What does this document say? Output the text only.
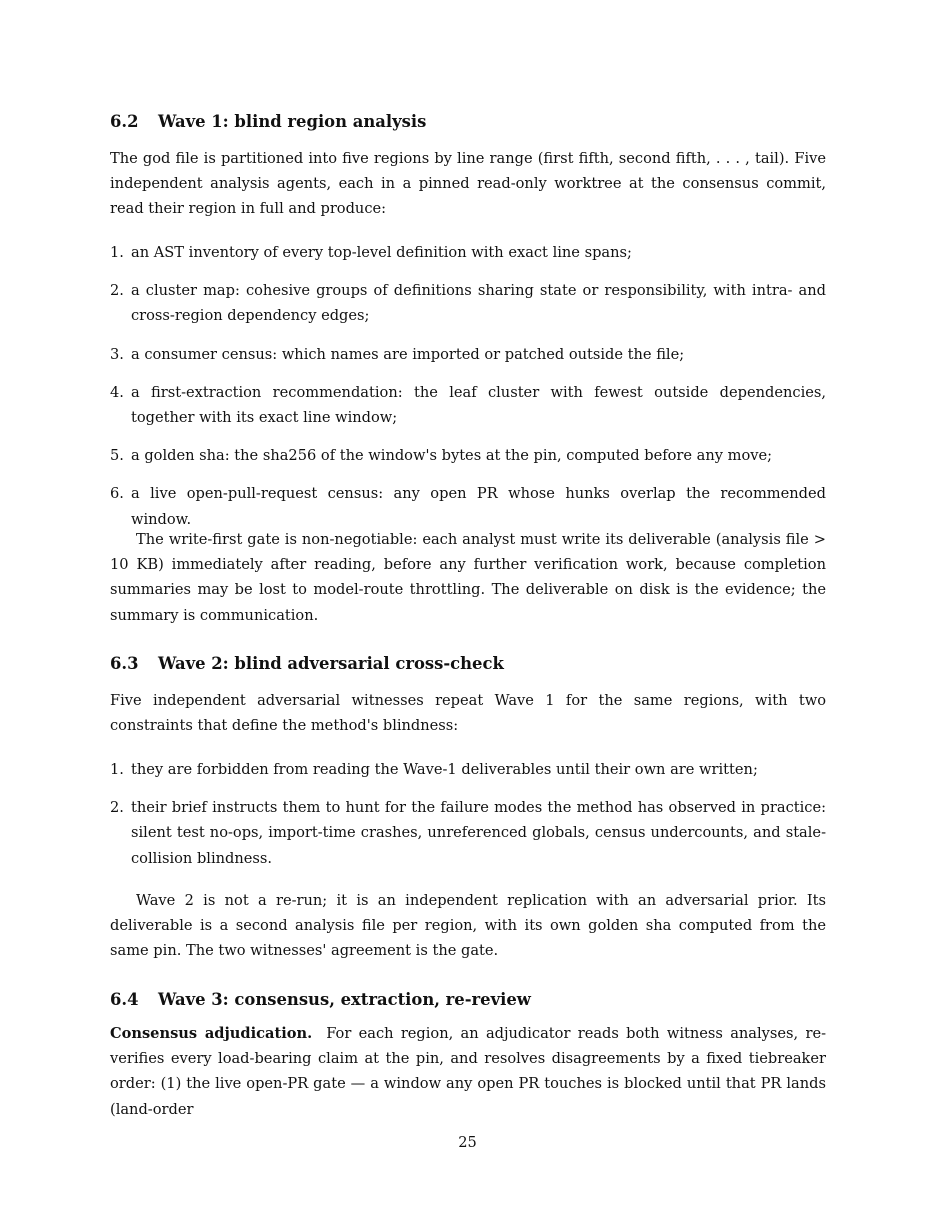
6.2 Wave 1: blind region analysis

The god file is partitioned into five regions by line range (first fifth, second fifth, . . . , tail). Five independent analysis agents, each in a pinned read-only worktree at the consensus commit, read their region in full and produce:

1. an AST inventory of every top-level definition with exact line spans;
2. a cluster map: cohesive groups of definitions sharing state or responsibility, with intra- and cross-region dependency edges;
3. a consumer census: which names are imported or patched outside the file;
4. a first-extraction recommendation: the leaf cluster with fewest outside dependencies, together with its exact line window;
5. a golden sha: the sha256 of the window's bytes at the pin, computed before any move;
6. a live open-pull-request census: any open PR whose hunks overlap the recommended window.

The write-first gate is non-negotiable: each analyst must write its deliverable (analysis file > 10 KB) immediately after reading, before any further verification work, because completion summaries may be lost to model-route throttling. The deliverable on disk is the evidence; the summary is communication.

6.3 Wave 2: blind adversarial cross-check

Five independent adversarial witnesses repeat Wave 1 for the same regions, with two constraints that define the method's blindness:

1. they are forbidden from reading the Wave-1 deliverables until their own are written;
2. their brief instructs them to hunt for the failure modes the method has observed in practice: silent test no-ops, import-time crashes, unreferenced globals, census undercounts, and stale-collision blindness.

Wave 2 is not a re-run; it is an independent replication with an adversarial prior. Its deliverable is a second analysis file per region, with its own golden sha computed from the same pin. The two witnesses' agreement is the gate.

6.4 Wave 3: consensus, extraction, re-review

Consensus adjudication. For each region, an adjudicator reads both witness analyses, re-verifies every load-bearing claim at the pin, and resolves disagreements by a fixed tiebreaker order: (1) the live open-PR gate — a window any open PR touches is blocked until that PR lands (land-order

25
